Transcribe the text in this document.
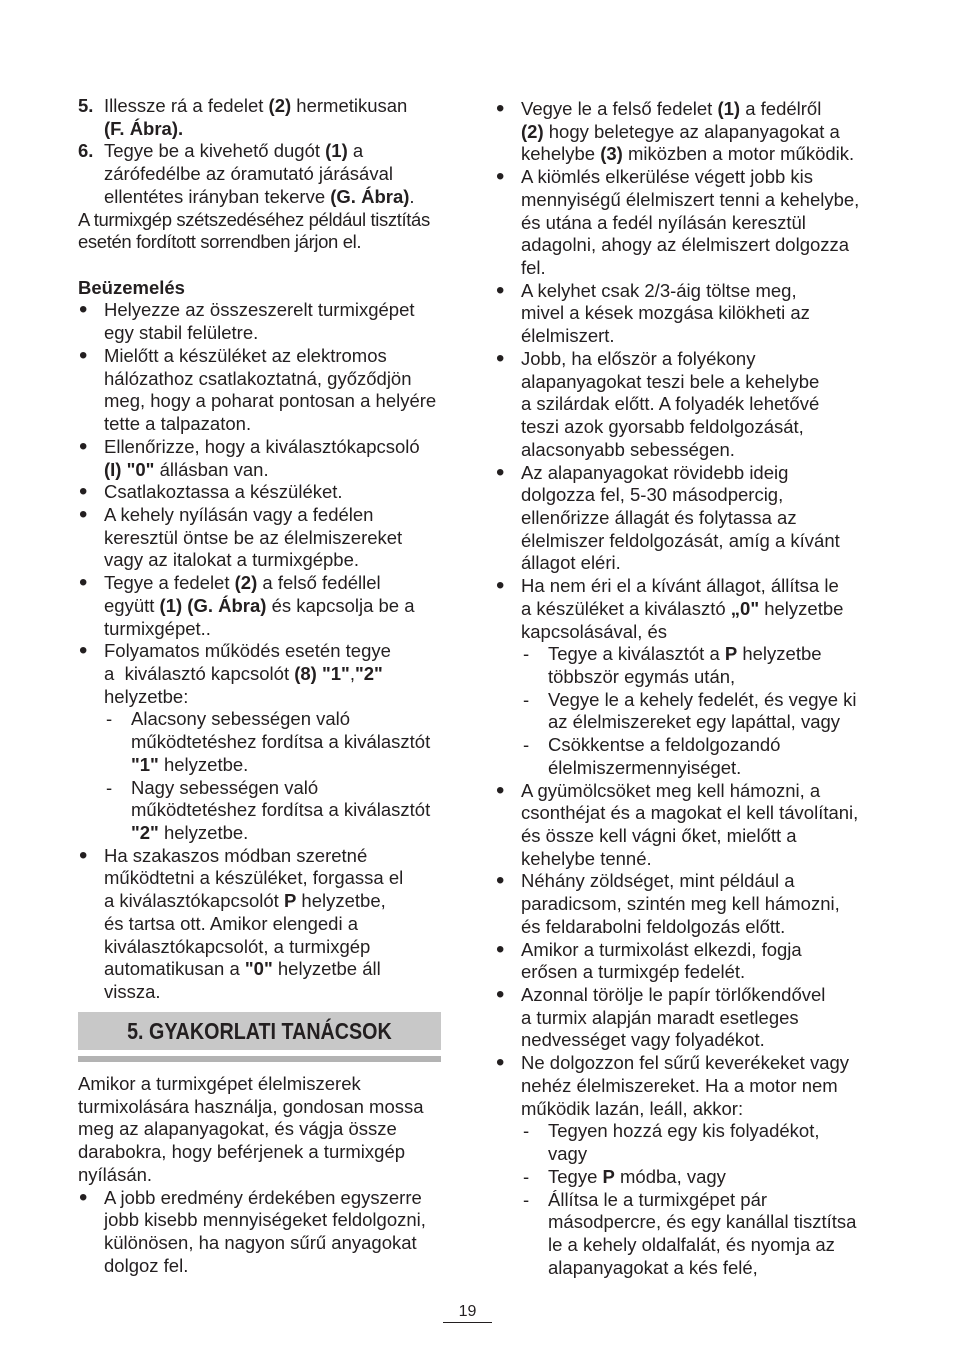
5. Illessze rá a fedelet (2) hermetikusan
(F. Ábra).
6. Tegye be a kivehető dugót (1) a
zárófedélbe az óramutató járásával
ellentétes irányban tekerve (G. Ábra).
A turmixgép szétszedéséhez például tisztítás
esetén fordított sorrendben járjon el.
Beüzemelés
• Helyezze az összeszerelt turmixgépet
egy stabil felületre.
• Mielőtt a készüléket az elektromos
hálózathoz csatlakoztatná, győződjön
meg, hogy a poharat pontosan a helyére
tette a talpazaton.
• Ellenőrizze, hogy a kiválasztókapcsoló
(I) "0" állásban van.
• Csatlakoztassa a készüléket.
• A kehely nyílásán vagy a fedélen
keresztül öntse be az élelmiszereket
vagy az italokat a turmixgépbe.
• Tegye a fedelet (2) a felső fedéllel
együtt (1) (G. Ábra) és kapcsolja be a
turmixgépet..
• Folyamatos működés esetén tegye
a  kiválasztó kapcsolót (8) "1","2"
helyzetbe:
- Alacsony sebességen való
működtetéshez fordítsa a kiválasztót
"1" helyzetbe.
- Nagy sebességen való
működtetéshez fordítsa a kiválasztót
"2" helyzetbe.
• Ha szakaszos módban szeretné
működtetni a készüléket, forgassa el
a kiválasztókapcsolót P helyzetbe,
és tartsa ott. Amikor elengedi a
kiválasztókapcsolót, a turmixgép
automatikusan a "0" helyzetbe áll
vissza.
5. GYAKORLATI TANÁCSOK
Amikor a turmixgépet élelmiszerek
turmixolására használja, gondosan mossa
meg az alapanyagokat, és vágja össze
darabokra, hogy beférjenek a turmixgép
nyílásán.
• A jobb eredmény érdekében egyszerre
jobb kisebb mennyiségeket feldolgozni,
különösen, ha nagyon sűrű anyagokat
dolgoz fel.
• Vegye le a felső fedelet (1) a fedélről
(2) hogy beletegye az alapanyagokat a
kehelybe (3) miközben a motor működik.
• A kiömlés elkerülése végett jobb kis
mennyiségű élelmiszert tenni a kehelybe,
és utána a fedél nyílásán keresztül
adagolni, ahogy az élelmiszert dolgozza
fel.
• A kelyhet csak 2/3-áig töltse meg,
mivel a kések mozgása kilökheti az
élelmiszert.
• Jobb, ha először a folyékony
alapanyagokat teszi bele a kehelybe
a szilárdak előtt. A folyadék lehetővé
teszi azok gyorsabb feldolgozását,
alacsonyabb sebességen.
• Az alapanyagokat rövidebb ideig
dolgozza fel, 5-30 másodpercig,
ellenőrizze állagát és folytassa az
élelmiszer feldolgozását, amíg a kívánt
állagot eléri.
• Ha nem éri el a kívánt állagot, állítsa le
a készüléket a kiválasztó „0" helyzetbe
kapcsolásával, és
- Tegye a kiválasztót a P helyzetbe
többször egymás után,
- Vegye le a kehely fedelét, és vegye ki
az élelmiszereket egy lapáttal, vagy
- Csökkentse a feldolgozandó
élelmiszermennyiséget.
• A gyümölcsöket meg kell hámozni, a
csonthéjat és a magokat el kell távolítani,
és össze kell vágni őket, mielőtt a
kehelybe tenné.
• Néhány zöldséget, mint például a
paradicsom, szintén meg kell hámozni,
és feldarabolni feldolgozás előtt.
• Amikor a turmixolást elkezdi, fogja
erősen a turmixgép fedelét.
• Azonnal törölje le papír törlőkendővel
a turmix alapján maradt esetleges
nedvességet vagy folyadékot.
• Ne dolgozzon fel sűrű keverékeket vagy
nehéz élelmiszereket. Ha a motor nem
működik lazán, leáll, akkor:
- Tegyen hozzá egy kis folyadékot,
vagy
- Tegye P módba, vagy
- Állítsa le a turmixgépet pár
másodpercre, és egy kanállal tisztítsa
le a kehely oldalfalát, és nyomja az
alapanyagokat a kés felé,
19
